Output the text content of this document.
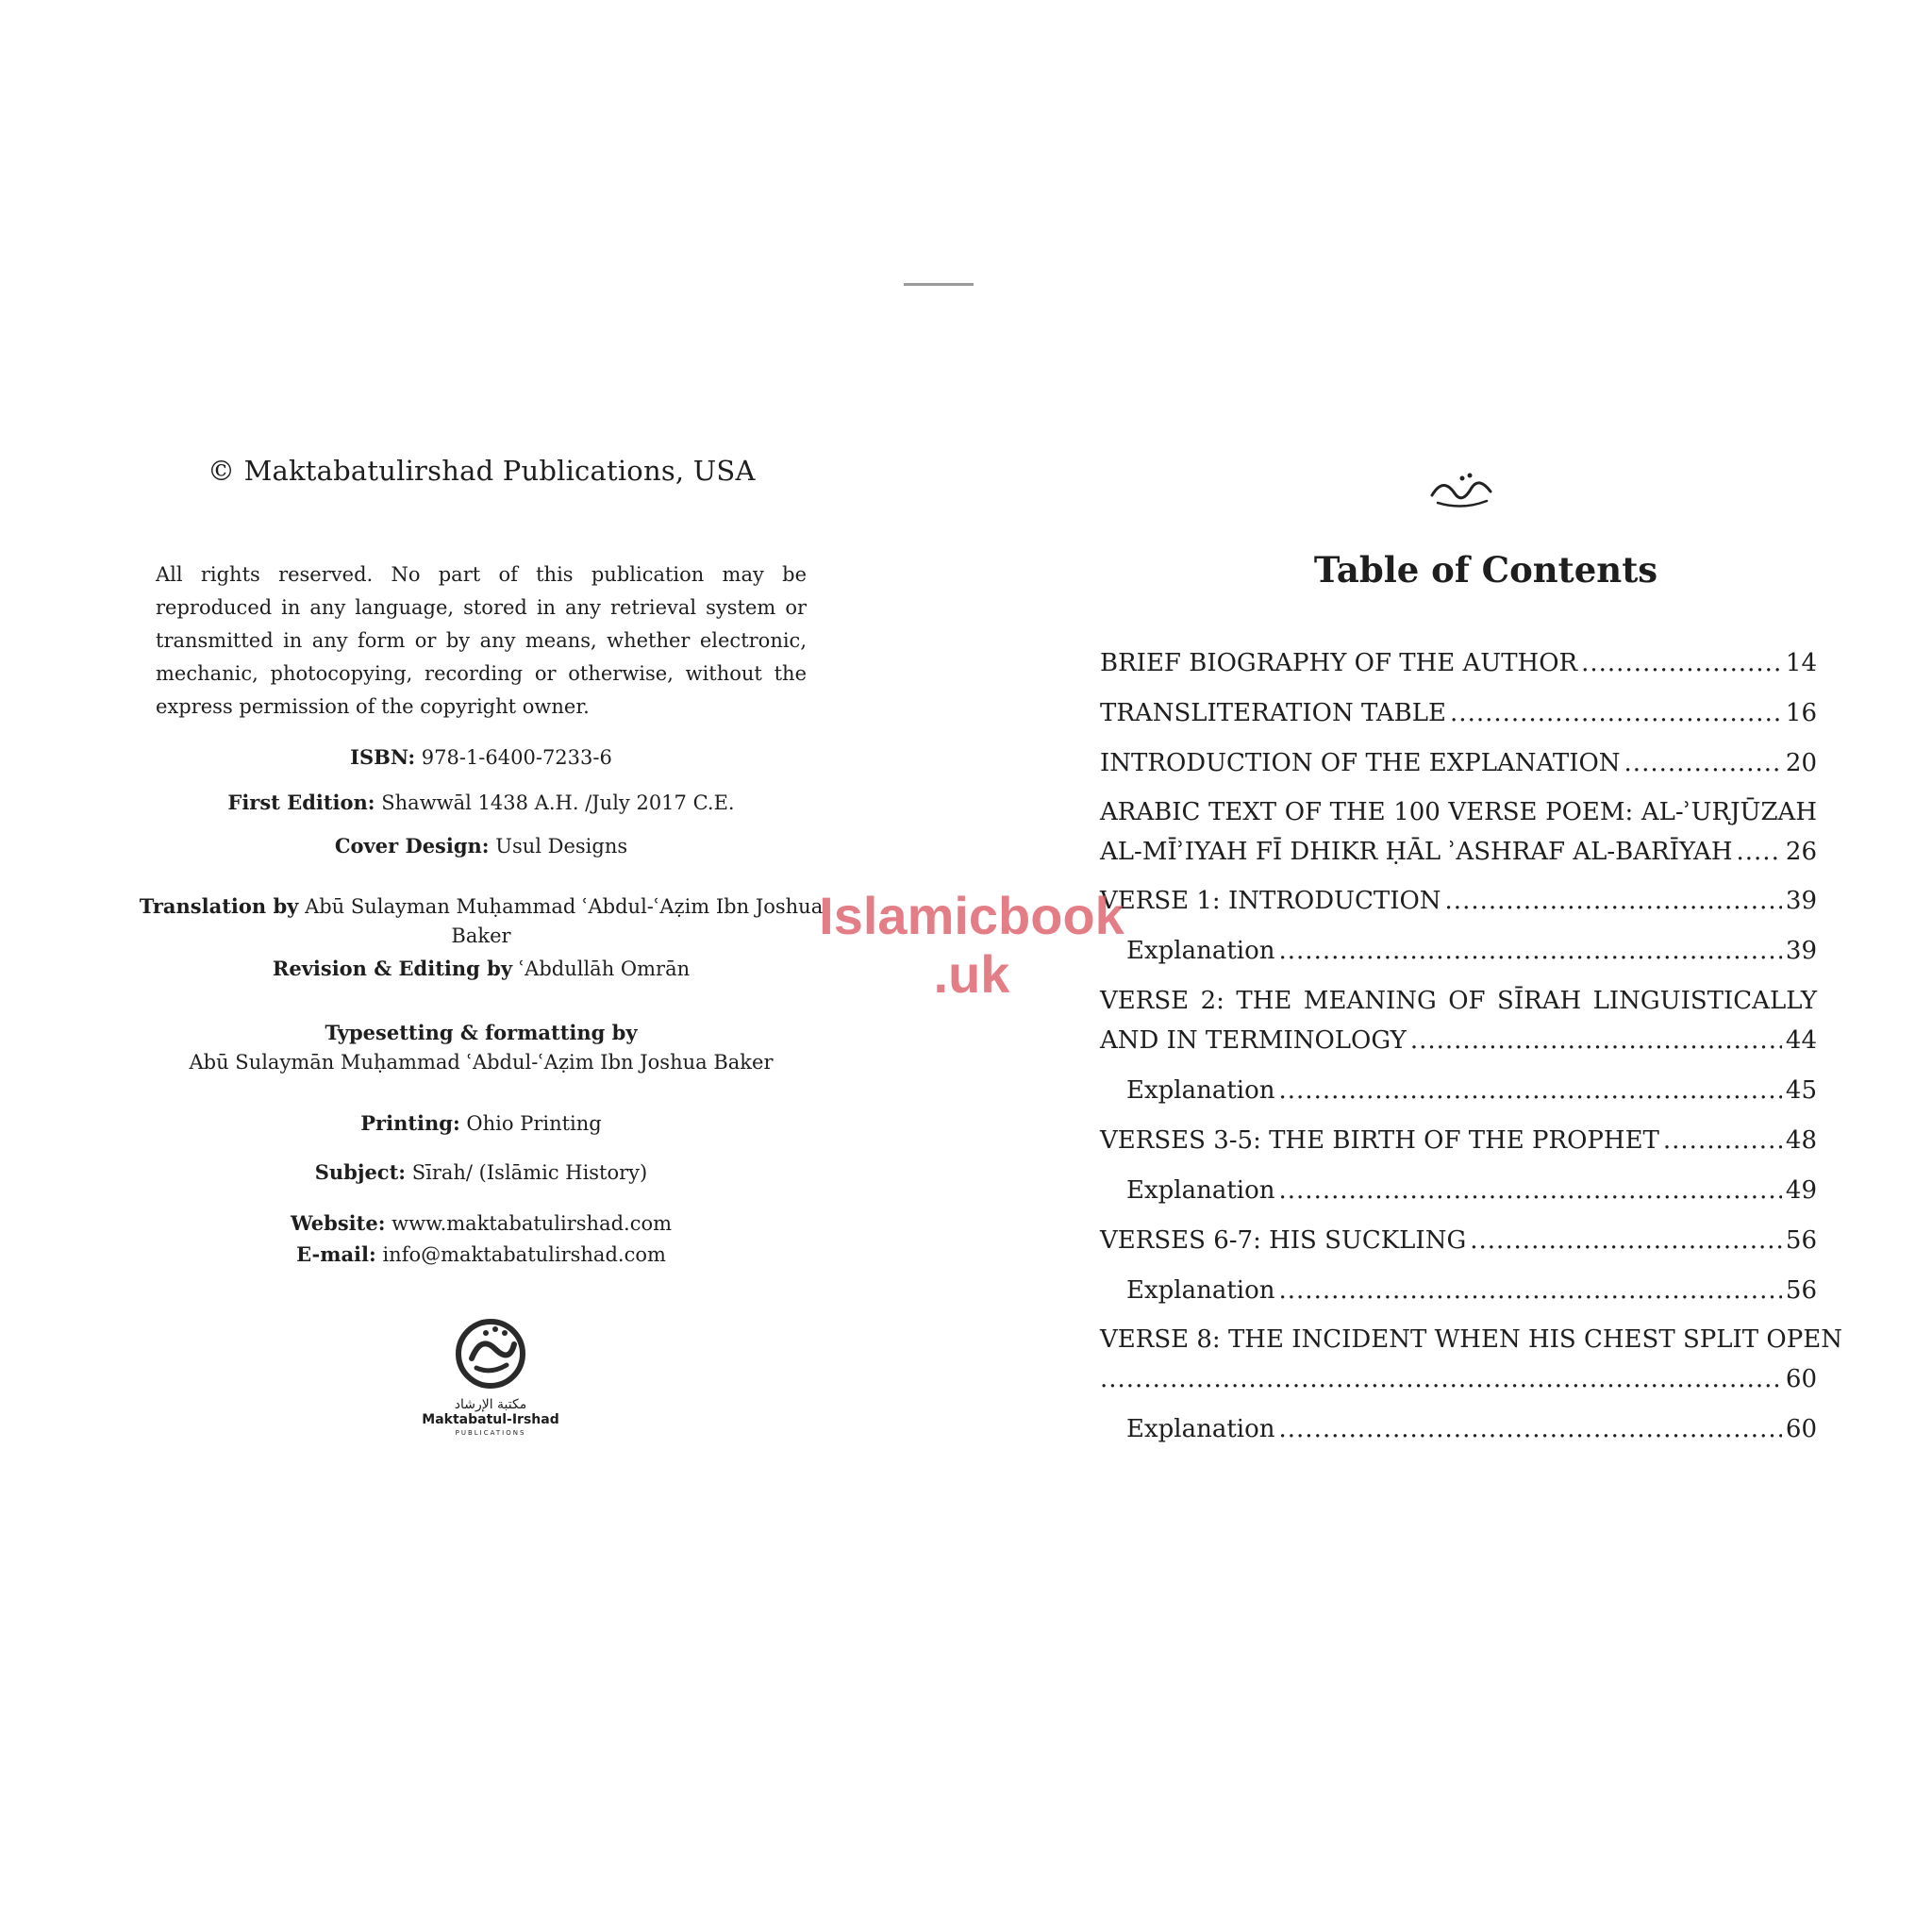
© Maktabatulirshad Publications, USA
All rights reserved. No part of this publication may be reproduced in any language, stored in any retrieval system or transmitted in any form or by any means, whether electronic, mechanic, photocopying, recording or otherwise, without the express permission of the copyright owner.
ISBN: 978-1-6400-7233-6
First Edition: Shawwāl 1438 A.H. /July 2017 C.E.
Cover Design: Usul Designs
Translation by Abū Sulayman Muḥammad ʿAbdul-ʿAẓim Ibn Joshua
Baker
Revision & Editing by ʿAbdullāh Omrān
Typesetting & formatting by
Abū Sulaymān Muḥammad ʿAbdul-ʿAẓim Ibn Joshua Baker
Printing: Ohio Printing
Subject: Sīrah/ (Islāmic History)
Website: www.maktabatulirshad.com
E-mail: info@maktabatulirshad.com
مكتبة الإرشاد
Maktabatul-Irshad
PUBLICATIONS
Table of Contents
BRIEF BIOGRAPHY OF THE AUTHOR .....	14
TRANSLITERATION TABLE .....	16
INTRODUCTION OF THE EXPLANATION .....	20
ARABIC TEXT OF THE 100 VERSE POEM: AL-ʾURJŪZAH
AL-MĪʾIYAH FĪ DHIKR ḤĀL ʾASHRAF AL-BARĪYAH ..... 26
VERSE 1: INTRODUCTION .....	39
Explanation .....	39
VERSE 2: THE MEANING OF SĪRAH LINGUISTICALLY
AND IN TERMINOLOGY .....	44
Explanation .....	45
VERSES 3-5: THE BIRTH OF THE PROPHET .....	48
Explanation .....	49
VERSES 6-7: HIS SUCKLING .....	56
Explanation .....	56
VERSE 8: THE INCIDENT WHEN HIS CHEST SPLIT OPEN
.....
60
Explanation .....	60
Islamicbook
.uk
